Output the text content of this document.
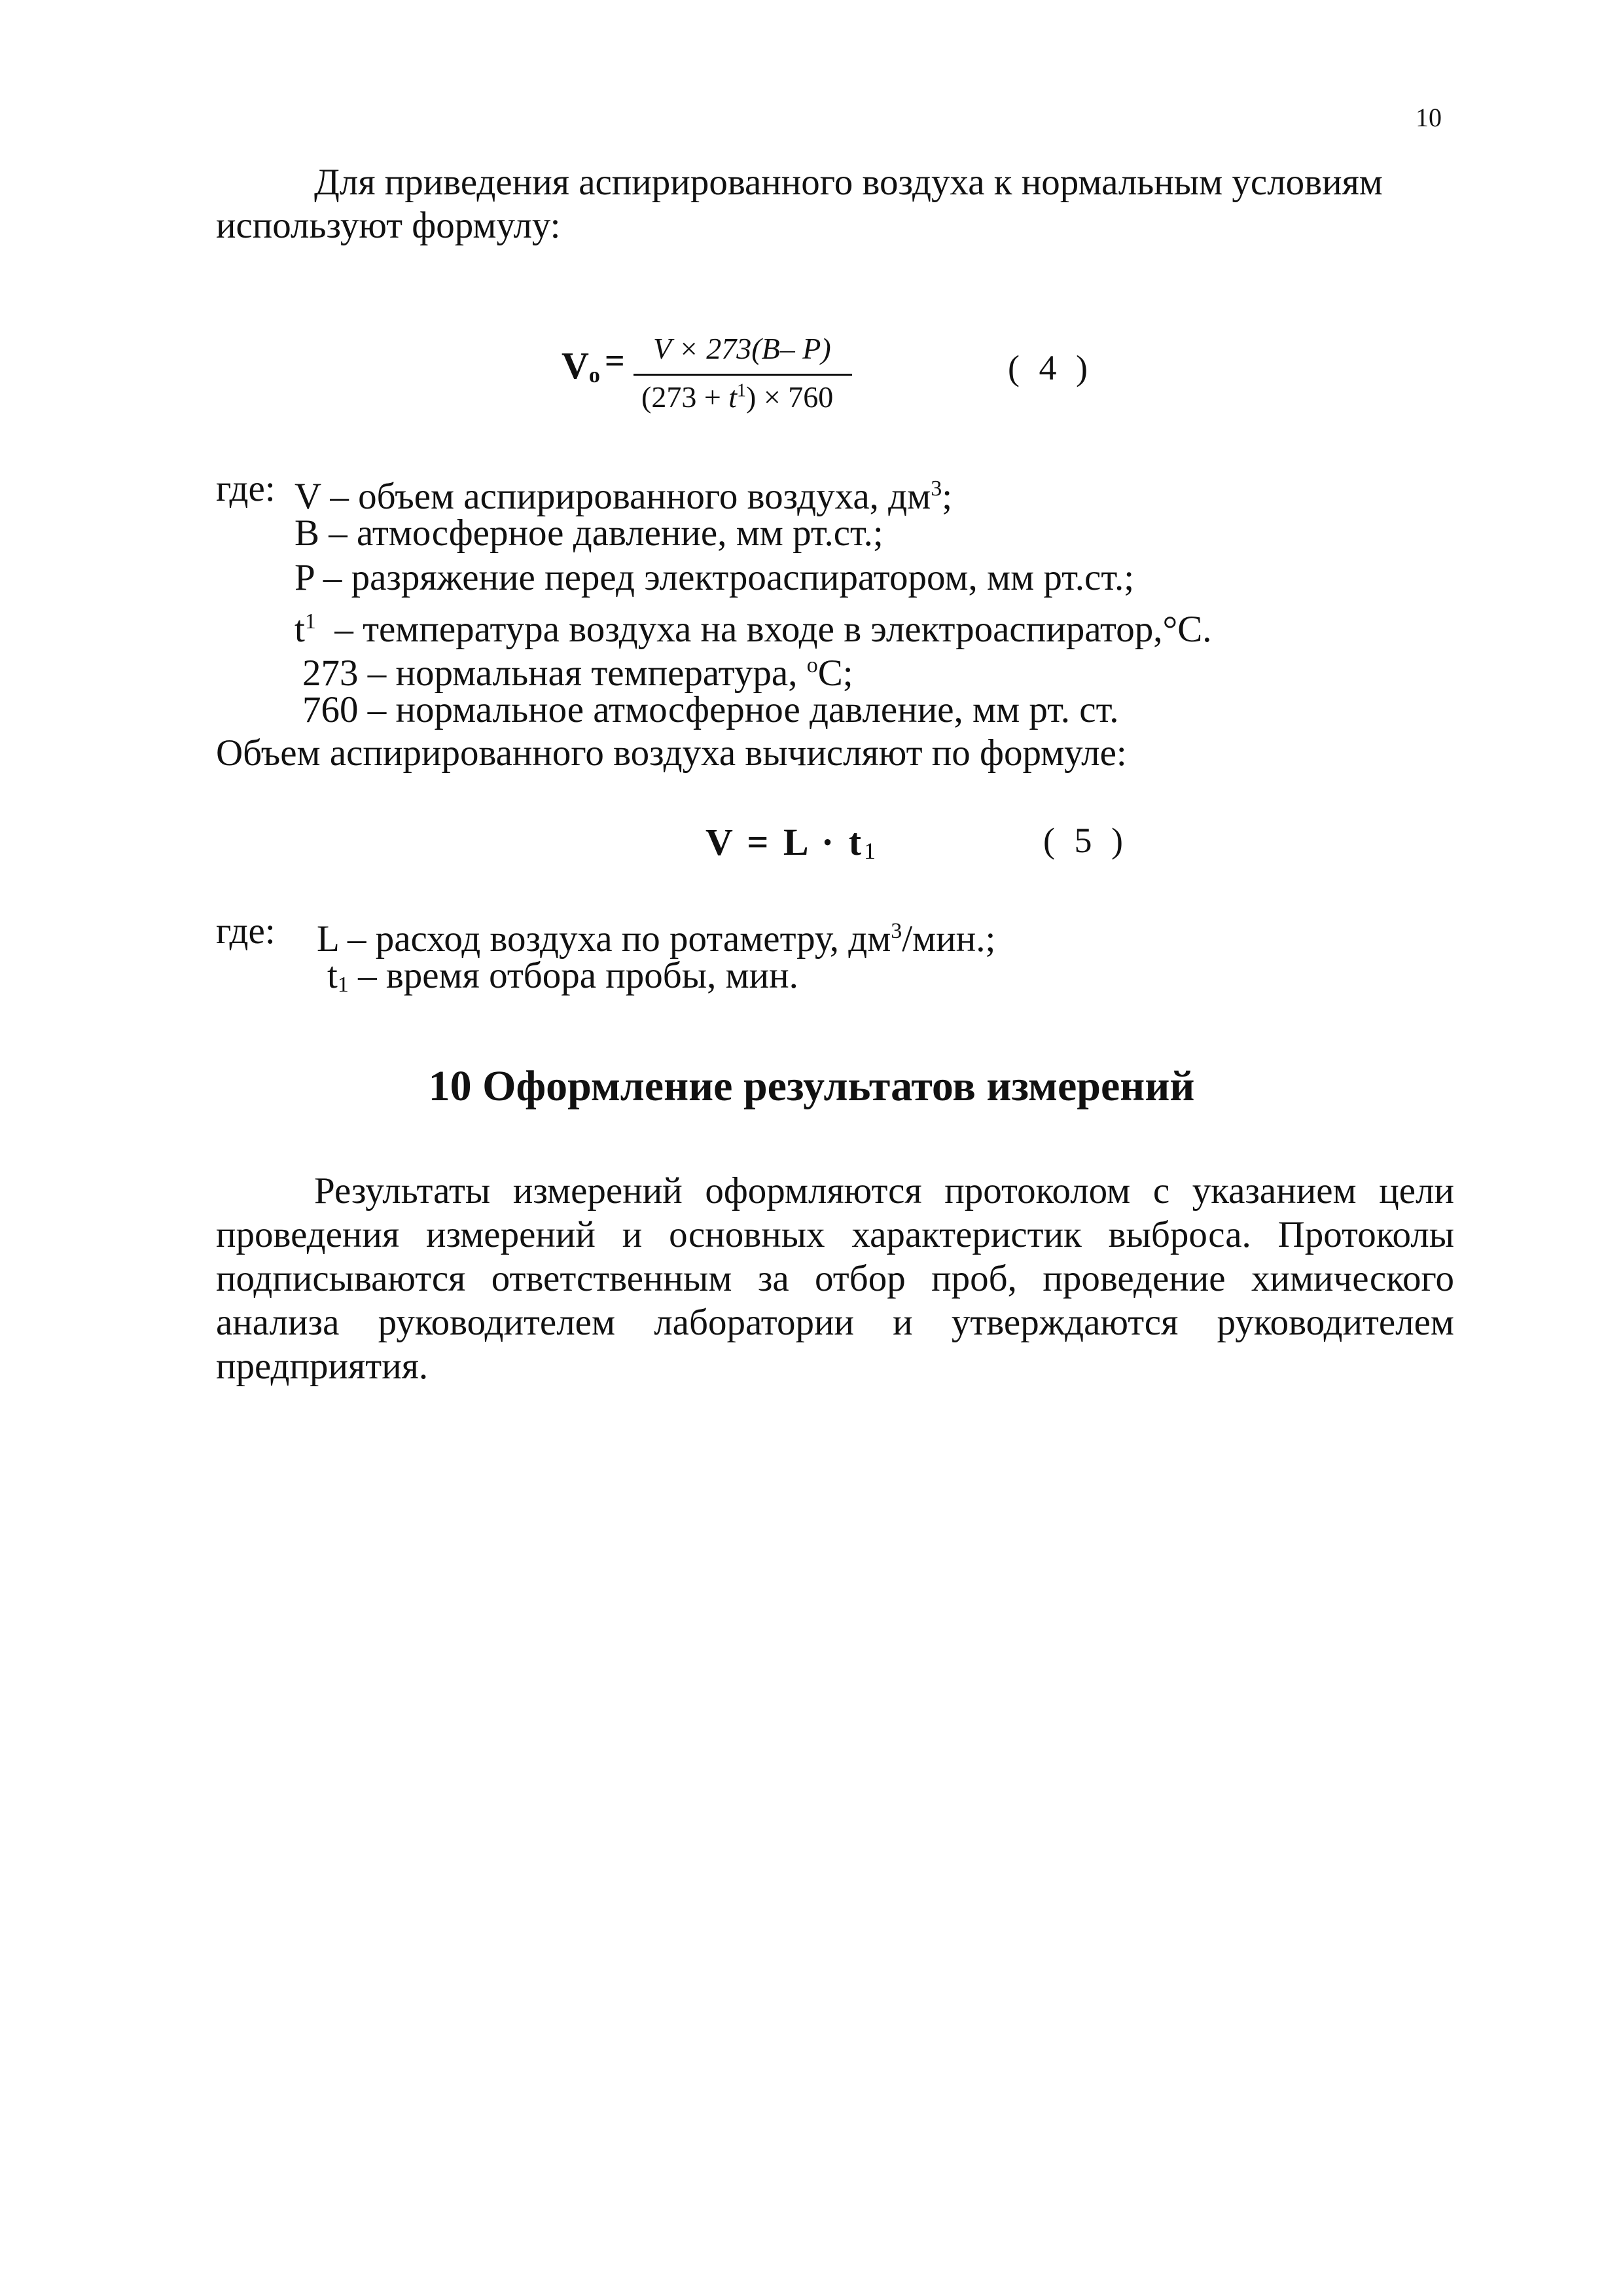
10
Для приведения аспирированного воздуха к нормальным условиям используют формулу:
$V_o = V \times 273(B-$ P)
$(273 + t^1) \times 760$
( 4 )
где: V – объем аспирированного воздуха, $дм^3$;
B – атмосферное давление, мм рт.ст.;
P – разряжение перед электроаспиратором, мм рт.ст.;
$t^1$  – температура воздуха на входе в электроаспиратор,°C.
273 – нормальная температура, $^o$C;
760 – нормальное атмосферное давление, мм рт. ст.
Объем аспирированного воздуха вычисляют по формуле:
$V = L \cdot t_1$	( 5 )
где: L – расход воздуха по ротаметру, $дм^3$/мин.;
$t_1$ – время отбора пробы, мин.
10 Оформление результатов измерений
Результаты измерений оформляются протоколом с указанием цели проведения измерений и основных характеристик выброса. Протоколы подписываются ответственным за отбор проб, проведение химического анализа руководителем лаборатории и утверждаются руководителем предприятия.
